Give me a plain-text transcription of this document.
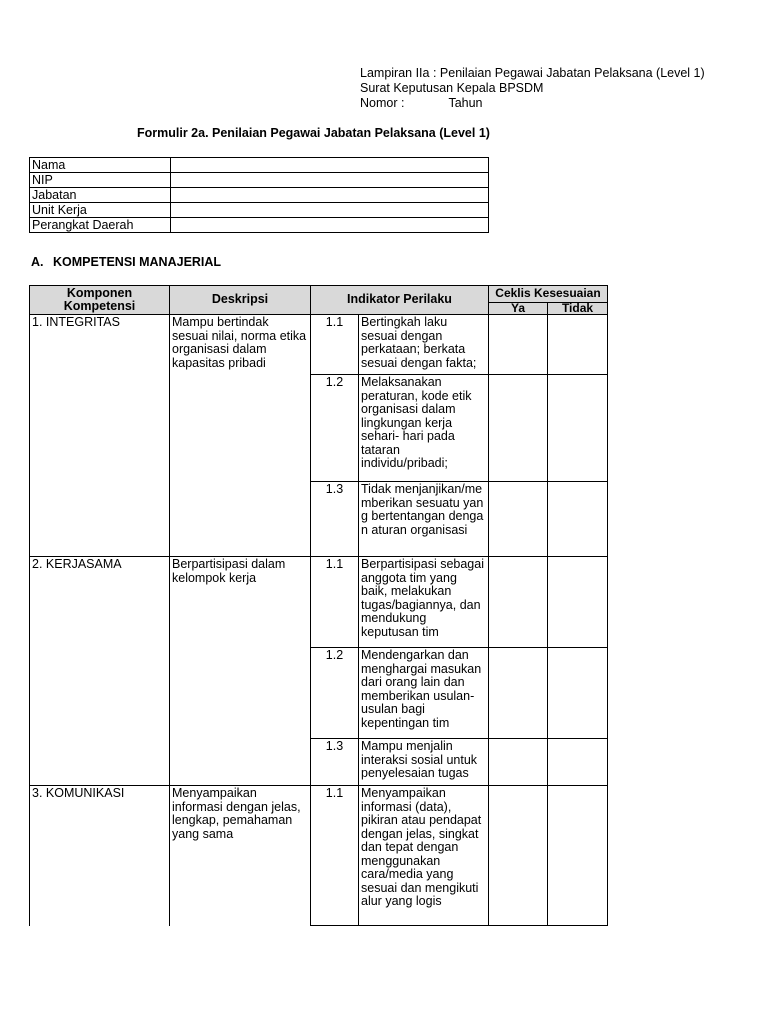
Lampiran IIa : Penilaian Pegawai Jabatan Pelaksana (Level 1)
Surat Keputusan Kepala BPSDM
Nomor :	Tahun
Formulir 2a. Penilaian Pegawai Jabatan Pelaksana (Level 1)
Nama	
NIP	
Jabatan	
Unit Kerja	
Perangkat Daerah	
A. KOMPETENSI MANAJERIAL
Komponen Kompetensi	Deskripsi	Indikator Perilaku		Ceklis Kesesuaian	
				Ya	Tidak
1. INTEGRITAS	Mampu bertindak sesuai nilai, norma etika organisasi dalam kapasitas pribadi	1.1	Bertingkah laku sesuai dengan perkataan; berkata sesuai dengan fakta;		
		1.2	Melaksanakan peraturan, kode etik organisasi dalam lingkungan kerja sehari- hari pada tataran individu/pribadi;		
		1.3	Tidak menjanjikan/memberikan sesuatu yang bertentangan dengan aturan organisasi		
2. KERJASAMA	Berpartisipasi dalam kelompok kerja	1.1	Berpartisipasi sebagai anggota tim yang baik, melakukan tugas/bagiannya, dan mendukung keputusan tim		
		1.2	Mendengarkan dan menghargai masukan dari orang lain dan memberikan usulan-usulan bagi kepentingan tim		
		1.3	Mampu menjalin interaksi sosial untuk penyelesaian tugas		
3. KOMUNIKASI	Menyampaikan informasi dengan jelas, lengkap, pemahaman yang sama	1.1	Menyampaikan informasi (data), pikiran atau pendapat dengan jelas, singkat dan tepat dengan menggunakan cara/media yang sesuai dan mengikuti alur yang logis		
